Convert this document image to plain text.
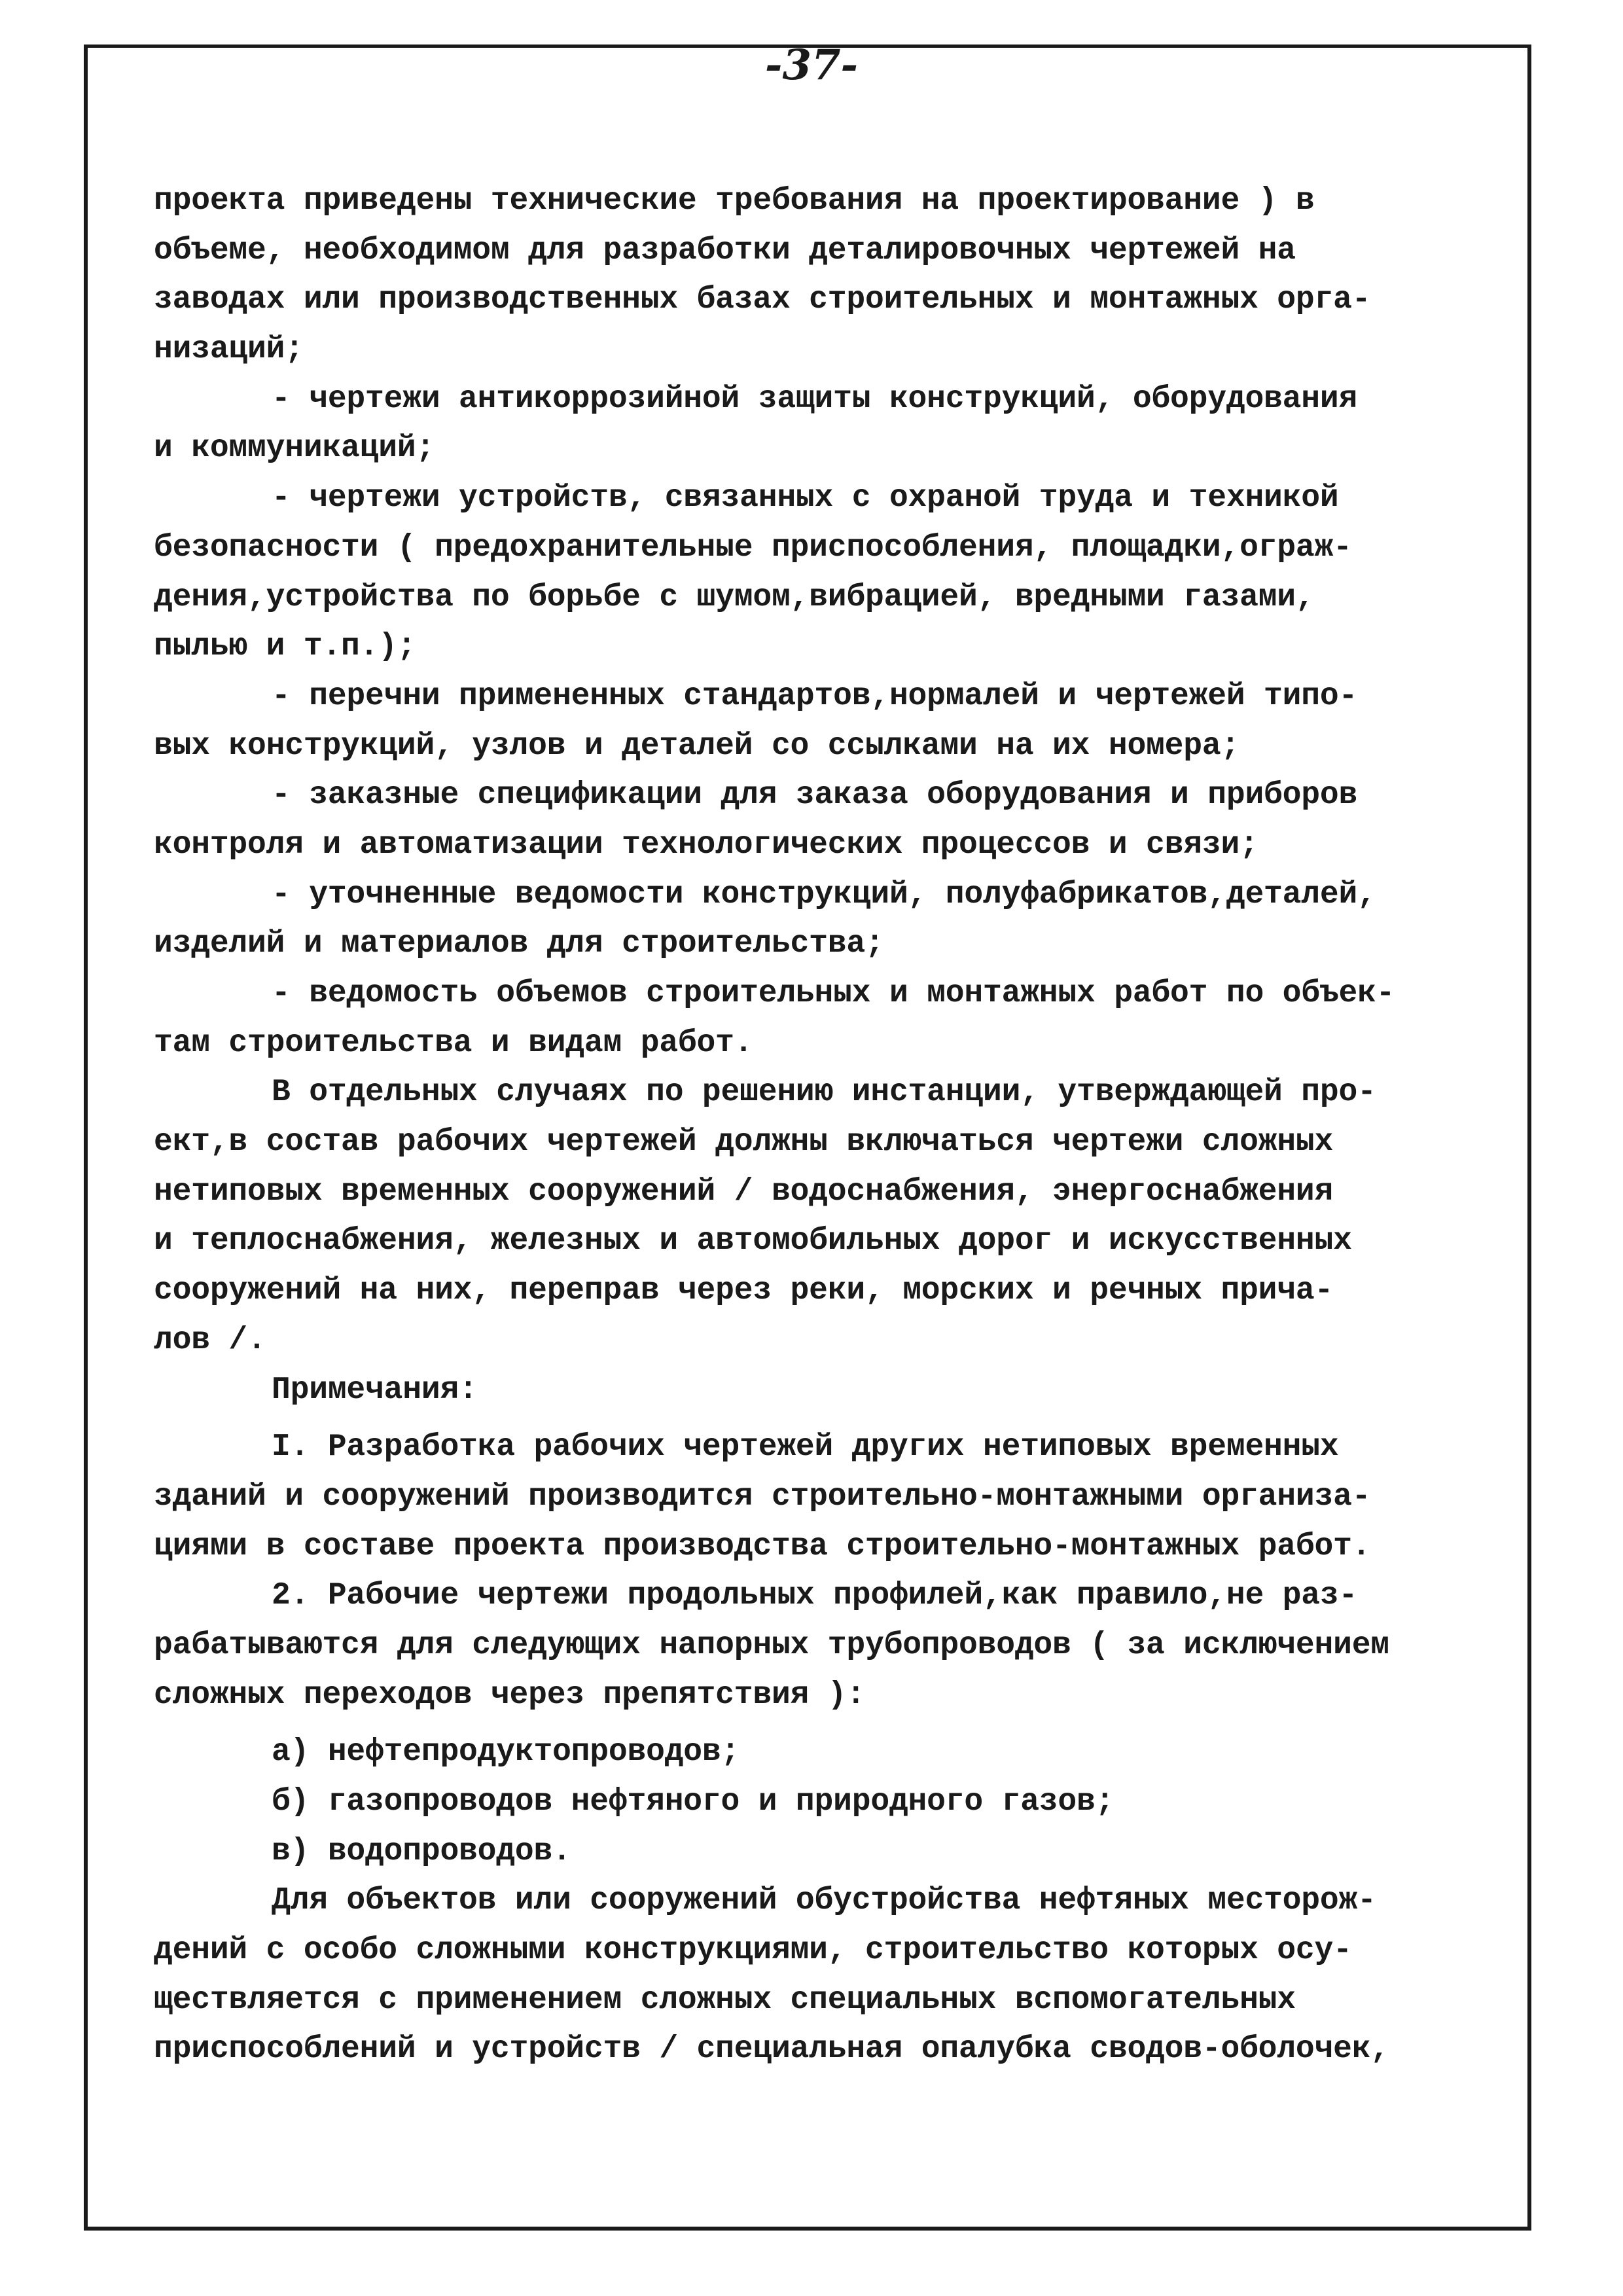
-37-
проекта приведены технические требования на проектирование ) в
объеме, необходимом для разработки деталировочных чертежей на
заводах или производственных базах строительных и монтажных орга-
низаций;
- чертежи антикоррозийной защиты конструкций, оборудования
и коммуникаций;
- чертежи устройств, связанных с охраной труда и техникой
безопасности ( предохранительные приспособления, площадки,ограж-
дения,устройства по борьбе с шумом,вибрацией, вредными газами,
пылью и т.п.);
- перечни примененных стандартов,нормалей и чертежей типо-
вых конструкций, узлов и деталей со ссылками на их номера;
- заказные спецификации для заказа оборудования и приборов
контроля и автоматизации технологических процессов и связи;
- уточненные ведомости конструкций, полуфабрикатов,деталей,
изделий и материалов для строительства;
- ведомость объемов строительных и монтажных работ по объек-
там строительства и видам работ.
В отдельных случаях по решению инстанции, утверждающей про-
ект,в состав рабочих чертежей должны включаться чертежи сложных
нетиповых временных сооружений / водоснабжения, энергоснабжения
и теплоснабжения, железных и автомобильных дорог и искусственных
сооружений на них, переправ через реки, морских и речных прича-
лов /.
Примечания:
I. Разработка рабочих чертежей других нетиповых временных
зданий и сооружений производится строительно-монтажными организа-
циями в составе проекта производства строительно-монтажных работ.
2. Рабочие чертежи продольных профилей,как правило,не раз-
рабатываются для следующих напорных трубопроводов ( за исключением
сложных переходов через препятствия ):
а) нефтепродуктопроводов;
б) газопроводов нефтяного и природного газов;
в) водопроводов.
Для объектов или сооружений обустройства нефтяных месторож-
дений с особо сложными конструкциями, строительство которых осу-
ществляется с применением сложных специальных вспомогательных
приспособлений и устройств / специальная опалубка сводов-оболочек,
